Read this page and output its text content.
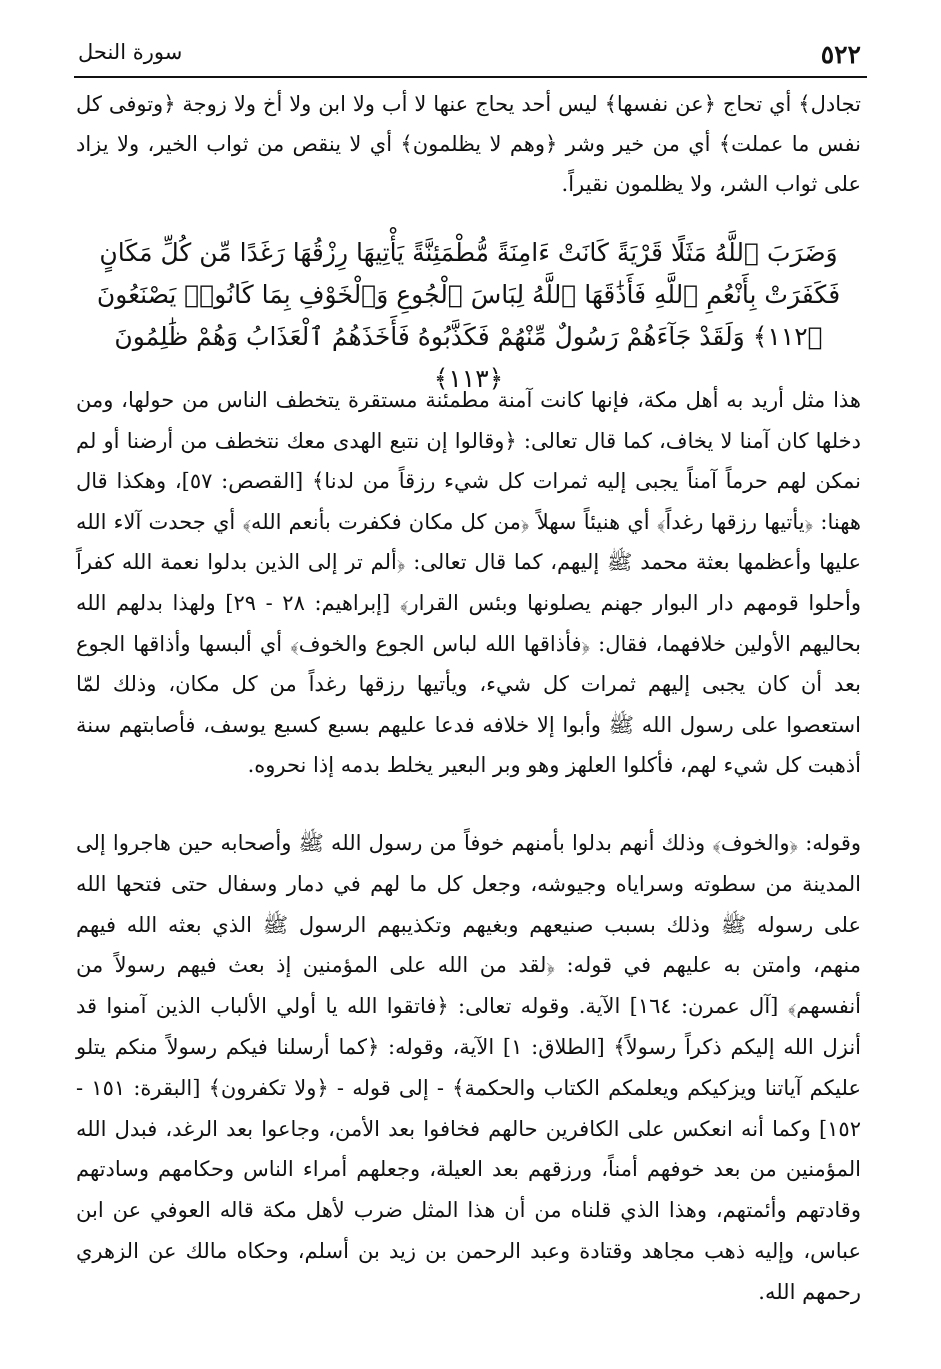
٥٢٢
سورة النحل

تجادل﴾ أي تحاج ﴿عن نفسها﴾ ليس أحد يحاج عنها لا أب ولا ابن ولا أخ ولا زوجة ﴿وتوفى كل نفس ما عملت﴾ أي من خير وشر ﴿وهم لا يظلمون﴾ أي لا ينقص من ثواب الخير، ولا يزاد على ثواب الشر، ولا يظلمون نقيراً.

وَضَرَبَ ٱللَّهُ مَثَلًا قَرْيَةً كَانَتْ ءَامِنَةً مُّطْمَئِنَّةً يَأْتِيهَا رِزْقُهَا رَغَدًا مِّن كُلِّ مَكَانٍ فَكَفَرَتْ بِأَنْعُمِ ٱللَّهِ فَأَذَٰقَهَا ٱللَّهُ لِبَاسَ ٱلْجُوعِ وَٱلْخَوْفِ بِمَا كَانُوا۟ يَصْنَعُونَ ﴿١١٢﴾ وَلَقَدْ جَآءَهُمْ رَسُولٌ مِّنْهُمْ فَكَذَّبُوهُ فَأَخَذَهُمُ ٱلْعَذَابُ وَهُمْ ظَٰلِمُونَ ﴿١١٣﴾

هذا مثل أريد به أهل مكة، فإنها كانت آمنة مطمئنة مستقرة يتخطف الناس من حولها، ومن دخلها كان آمنا لا يخاف، كما قال تعالى: ﴿وقالوا إن نتبع الهدى معك نتخطف من أرضنا أو لم نمكن لهم حرماً آمناً يجبى إليه ثمرات كل شيء رزقاً من لدنا﴾ [القصص: ٥٧]، وهكذا قال ههنا: ﴿يأتيها رزقها رغداً﴾ أي هنيئاً سهلاً ﴿من كل مكان فكفرت بأنعم الله﴾ أي جحدت آلاء الله عليها وأعظمها بعثة محمد ﷺ إليهم، كما قال تعالى: ﴿ألم تر إلى الذين بدلوا نعمة الله كفراً وأحلوا قومهم دار البوار جهنم يصلونها وبئس القرار﴾ [إبراهيم: ٢٨ - ٢٩] ولهذا بدلهم الله بحاليهم الأولين خلافهما، فقال: ﴿فأذاقها الله لباس الجوع والخوف﴾ أي ألبسها وأذاقها الجوع بعد أن كان يجبى إليهم ثمرات كل شيء، ويأتيها رزقها رغداً من كل مكان، وذلك لمّا استعصوا على رسول الله ﷺ وأبوا إلا خلافه فدعا عليهم بسبع كسبع يوسف، فأصابتهم سنة أذهبت كل شيء لهم، فأكلوا العلهز وهو وبر البعير يخلط بدمه إذا نحروه.

وقوله: ﴿والخوف﴾ وذلك أنهم بدلوا بأمنهم خوفاً من رسول الله ﷺ وأصحابه حين هاجروا إلى المدينة من سطوته وسراياه وجيوشه، وجعل كل ما لهم في دمار وسفال حتى فتحها الله على رسوله ﷺ وذلك بسبب صنيعهم وبغيهم وتكذيبهم الرسول ﷺ الذي بعثه الله فيهم منهم، وامتن به عليهم في قوله: ﴿لقد من الله على المؤمنين إذ بعث فيهم رسولاً من أنفسهم﴾ [آل عمرن: ١٦٤] الآية. وقوله تعالى: ﴿فاتقوا الله يا أولي الألباب الذين آمنوا قد أنزل الله إليكم ذكراً رسولاً﴾ [الطلاق: ١] الآية، وقوله: ﴿كما أرسلنا فيكم رسولاً منكم يتلو عليكم آياتنا ويزكيكم ويعلمكم الكتاب والحكمة﴾ - إلى قوله - ﴿ولا تكفرون﴾ [البقرة: ١٥١ - ١٥٢] وكما أنه انعكس على الكافرين حالهم فخافوا بعد الأمن، وجاعوا بعد الرغد، فبدل الله المؤمنين من بعد خوفهم أمناً، ورزقهم بعد العيلة، وجعلهم أمراء الناس وحكامهم وسادتهم وقادتهم وأئمتهم، وهذا الذي قلناه من أن هذا المثل ضرب لأهل مكة قاله العوفي عن ابن عباس، وإليه ذهب مجاهد وقتادة وعبد الرحمن بن زيد بن أسلم، وحكاه مالك عن الزهري رحمهم الله.
